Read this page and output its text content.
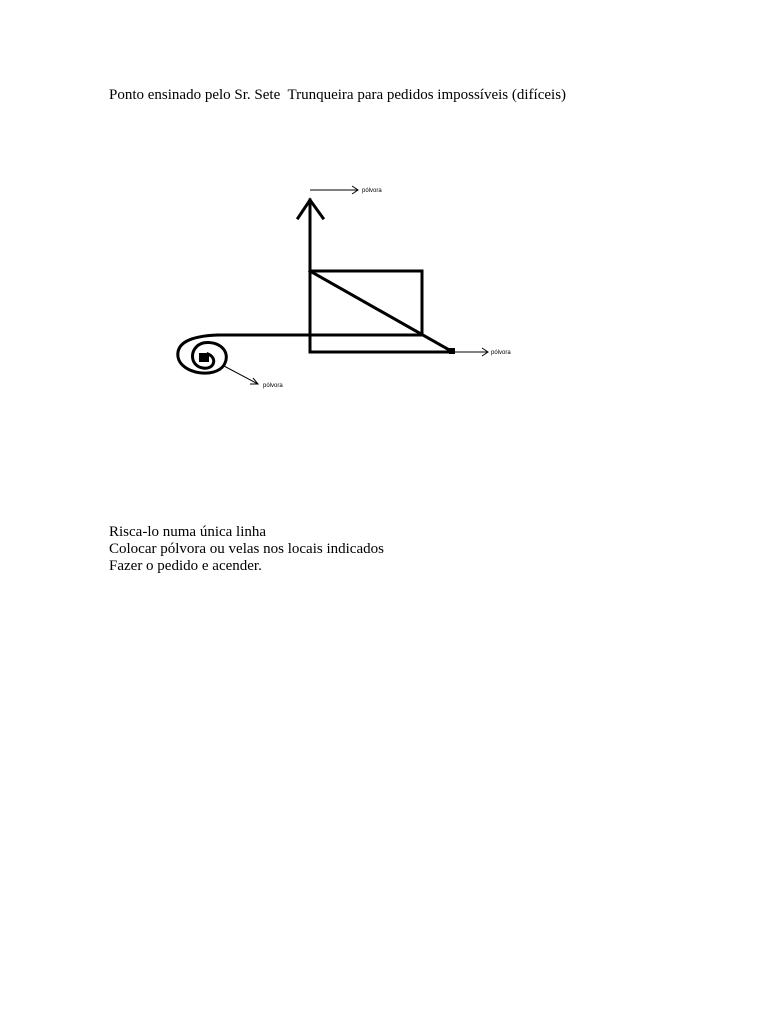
Ponto ensinado pelo Sr. Sete  Trunqueira para pedidos impossíveis (difíceis)
pólvora
pólvora
pólvora
Risca-lo numa única linha
Colocar pólvora ou velas nos locais indicados
Fazer o pedido e acender.
